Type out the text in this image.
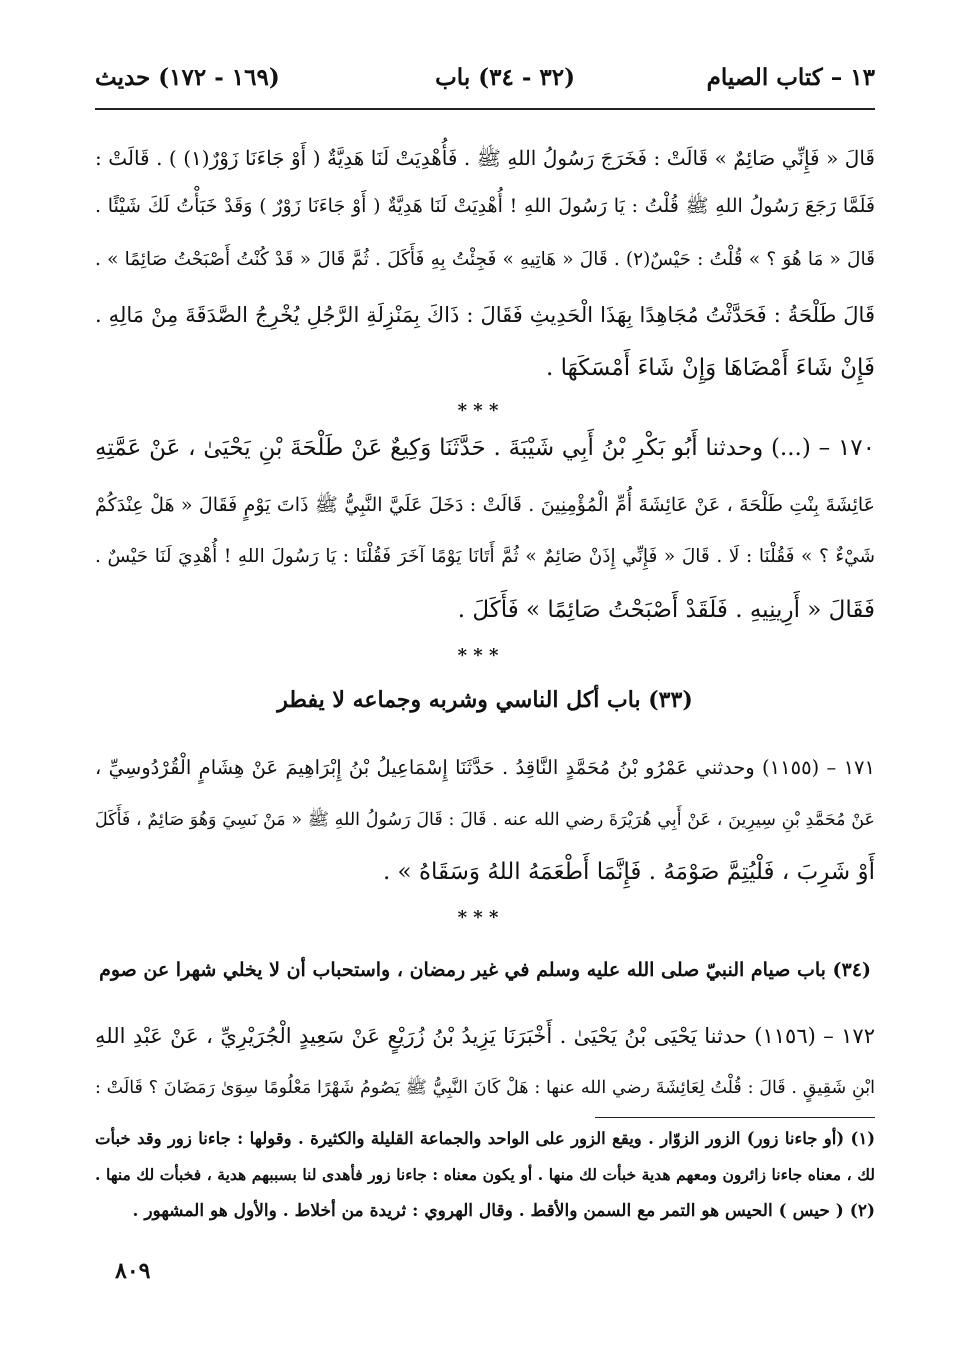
١٣ – كتاب الصيام
(٣٢ - ٣٤) باب
(١٦٩ - ١٧٢) حديث
قَالَ « فَإِنِّي صَائِمٌ » قَالَتْ : فَخَرَجَ رَسُولُ اللهِ ﷺ . فَأُهْدِيَتْ لَنَا هَدِيَّةٌ ( أَوْ جَاءَنَا زَوْرٌ(١) ) . قَالَتْ :
فَلَمَّا رَجَعَ رَسُولُ اللهِ ﷺ قُلْتُ : يَا رَسُولَ اللهِ ! أُهْدِيَتْ لَنَا هَدِيَّةٌ ( أَوْ جَاءَنَا زَوْرٌ ) وَقَدْ خَبَأْتُ لَكَ شَيْئًا .
قَالَ « مَا هُوَ ؟ » قُلْتُ : حَيْسٌ(٢) . قَالَ « هَاتِيهِ » فَجِئْتُ بِهِ فَأَكَلَ . ثُمَّ قَالَ « قَدْ كُنْتُ أَصْبَحْتُ صَائِمًا » .
قَالَ طَلْحَةُ : فَحَدَّثْتُ مُجَاهِدًا بِهَذَا الْحَدِيثِ فَقَالَ : ذَاكَ بِمَنْزِلَةِ الرَّجُلِ يُخْرِجُ الصَّدَقَةَ مِنْ مَالِهِ .
فَإِنْ شَاءَ أَمْضَاهَا وَإِنْ شَاءَ أَمْسَكَهَا .
* * *
١٧٠ – (...) وحدثنا أَبُو بَكْرِ بْنُ أَبِي شَيْبَةَ . حَدَّثَنَا وَكِيعٌ عَنْ طَلْحَةَ بْنِ يَحْيَىٰ ، عَنْ عَمَّتِهِ
عَائِشَةَ بِنْتِ طَلْحَةَ ، عَنْ عَائِشَةَ أُمِّ الْمُؤْمِنِينَ . قَالَتْ : دَخَلَ عَلَيَّ النَّبِيُّ ﷺ ذَاتَ يَوْمٍ فَقَالَ « هَلْ عِنْدَكُمْ
شَيْءٌ ؟ » فَقُلْنَا : لَا . قَالَ « فَإِنِّي إِذَنْ صَائِمٌ » ثُمَّ أَتَانَا يَوْمًا آخَرَ فَقُلْنَا : يَا رَسُولَ اللهِ ! أُهْدِيَ لَنَا حَيْسٌ .
فَقَالَ « أَرِينِيهِ . فَلَقَدْ أَصْبَحْتُ صَائِمًا » فَأَكَلَ .
* * *
(٣٣) باب أكل الناسي وشربه وجماعه لا يفطر
١٧١ – (١١٥٥) وحدثني عَمْرُو بْنُ مُحَمَّدٍ النَّاقِدُ . حَدَّثَنَا إِسْمَاعِيلُ بْنُ إِبْرَاهِيمَ عَنْ هِشَامٍ الْقُرْدُوسِيِّ ،
عَنْ مُحَمَّدِ بْنِ سِيرِينَ ، عَنْ أَبِي هُرَيْرَةَ رضي الله عنه . قَالَ : قَالَ رَسُولُ اللهِ ﷺ « مَنْ نَسِيَ وَهُوَ صَائِمٌ ، فَأَكَلَ
أَوْ شَرِبَ ، فَلْيُتِمَّ صَوْمَهُ . فَإِنَّمَا أَطْعَمَهُ اللهُ وَسَقَاهُ » .
* * *
(٣٤) باب صيام النبيّ صلى الله عليه وسلم في غير رمضان ، واستحباب أن لا يخلي شهرا عن صوم
١٧٢ – (١١٥٦) حدثنا يَحْيَى بْنُ يَحْيَىٰ . أَخْبَرَنَا يَزِيدُ بْنُ زُرَيْعٍ عَنْ سَعِيدٍ الْجُرَيْرِيِّ ، عَنْ عَبْدِ اللهِ
ابْنِ شَقِيقٍ . قَالَ : قُلْتُ لِعَائِشَةَ رضي الله عنها : هَلْ كَانَ النَّبِيُّ ﷺ يَصُومُ شَهْرًا مَعْلُومًا سِوَىٰ رَمَضَانَ ؟ قَالَتْ :
(١) (أو جاءنا زور) الزور الزوّار . ويقع الزور على الواحد والجماعة القليلة والكثيرة . وقولها : جاءنا زور وقد خبأت
لك ، معناه جاءنا زائرون ومعهم هدية خبأت لك منها . أو يكون معناه : جاءنا زور فأهدى لنا بسببهم هدية ، فخبأت لك منها .
(٢) ( حيس ) الحيس هو التمر مع السمن والأقط . وقال الهروي : ثريدة من أخلاط . والأول هو المشهور .
٨٠٩
